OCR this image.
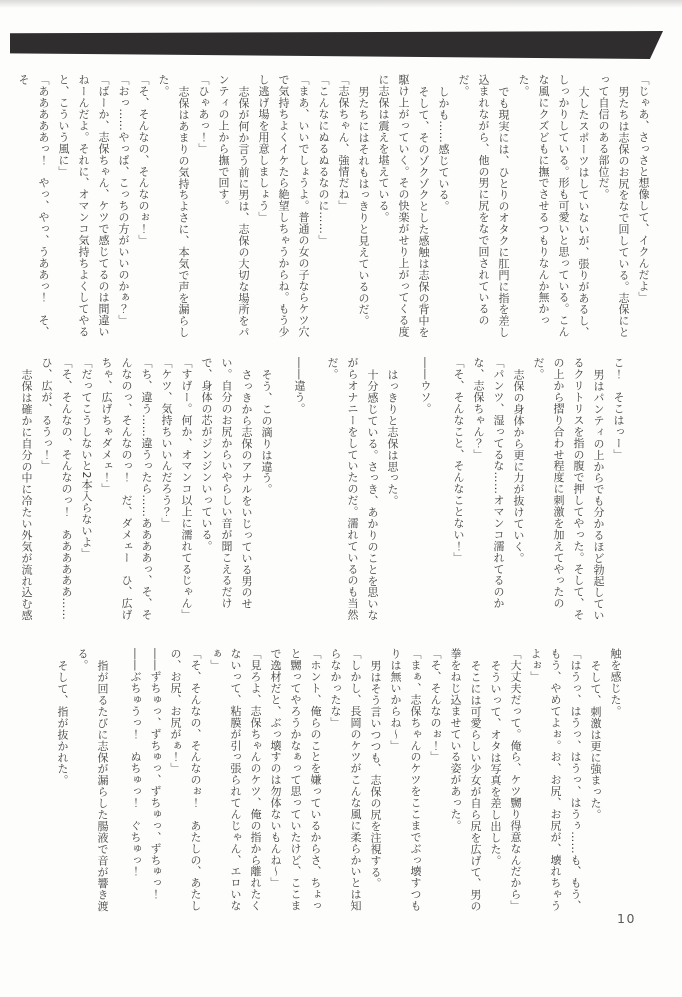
「じゃあ、さっさと想像して、イクんだよ」

男たちは志保のお尻をなで回している。志保にとって自信のある部位だ。

大したスポーツはしていないが、張りがあるし、しっかりしている。形も可愛いと思っている。こんな風にクズどもに撫でさせるつもりなんか無かった。

でも現実には、ひとりのオタクに肛門に指を差し込まれながら、他の男に尻をなで回されているのだ。

しかも……感じている。

そして、そのゾクゾクとした感触は志保の背中を駆け上がっていく。その快楽がせり上がってくる度に志保は震えを堪えている。

男たちにはそれもはっきりと見えているのだ。

「志保ちゃん、強情だね」

「こんなにぬるぬるなのに……」

「まあ、いいでしょうよ。普通の女の子ならケツ穴で気持ちよくイケたら絶望しちゃうからね。もう少し逃げ場を用意しましょう」

志保が何か言う前に男は、志保の大切な場所をパンティの上から撫で回す。

「ひゃあっ！」

志保はあまりの気持ちよさに、本気で声を漏らした。

「そ、そんなの、そんなのぉ！」

「おっ……やっぱ、こっちの方がいいのかぁ？」

「ばーか、志保ちゃん、ケツで感じてるのは間違いねーんだよ。それに、オマンコ気持ちよくしてやると、こういう風に」

「あああああっ！　やっ、やっ、うああっ！　そ、そ

こ！　そこはっー」

男はパンティの上からでも分かるほど勃起しているクリトリスを指の腹で押してやった。そして、その上から摺り合わせ程度に刺激を加えてやったのだ。

志保の身体から更に力が抜けていく。

「パンツ、湿ってるな……オマンコ濡れてるのかな、志保ちゃん？」

「そ、そんなこと、そんなことない！」

――ウソ。

はっきりと志保は思った。

十分感じている。さっき、あかりのことを思いながらオナニーをしていたのだ。濡れているのも当然だ。

――違う。

そう、この滴りは違う。

さっきから志保のアナルをいじっている男のせい。自分のお尻からいやらしい音が聞こえるだけで、身体の芯がジンジンいっている。

「すげー。何か、オマンコ以上に濡れてるじゃん」

「ケツ、気持ちいいんだろう？」

「ち、違う……違うったら……ああああっ、そ、そんなのっ、そんなのっ！　だ、ダメェー　ひ、広げちゃ、広げちゃダメェ！」

「だってこうしないと2本入らないよ」

「そ、そんなの、そんなのっ！　ああああああ……ひ、広が、るうっ！」

志保は確かに自分の中に冷たい外気が流れ込む感

触を感じた。

そして、刺激は更に強まった。

「はうっ、はうっ、はうっ、はうぅ……も、もう、もう、やめてよぉ。お、お尻、お尻が、壊れちゃうよぉ」

「大丈夫だって。俺ら、ケツ嬲り得意なんだから」

そういって、オタは写真を差し出した。

そこには可愛らしい少女が自ら尻を広げて、男の拳をねじ込ませている姿があった。

「そ、そんなのぉ！」

「まぁ、志保ちゃんのケツをここまでぶっ壊すつもりは無いからね～」

男はそう言いつつも、志保の尻を注視する。

「しかし、長岡のケツがこんな風に柔らかいとは知らなかったな」

「ホント、俺らのことを嫌っているからさ、ちょっと嬲ってやろうかなぁって思っていたけど、ここまで逸材だと、ぶっ壊すのは勿体ないもんね～」

「見ろよ、志保ちゃんのケツ、俺の指から離れたくないって、粘膜が引っ張られてんじゃん、エロいなぁ」

「そ、そんなの、そんなのぉ！　あたしの、あたしの、お尻、お尻がぁ！」

――ずちゅっ、ずちゅっ、ずちゅっ、ずちゅっ！

――ぶちゅうっ！　ぬちゅっ！　ぐちゅっ！

指が回るたびに志保が漏らした腸液で音が響き渡る。

そして、指が抜かれた。

10
